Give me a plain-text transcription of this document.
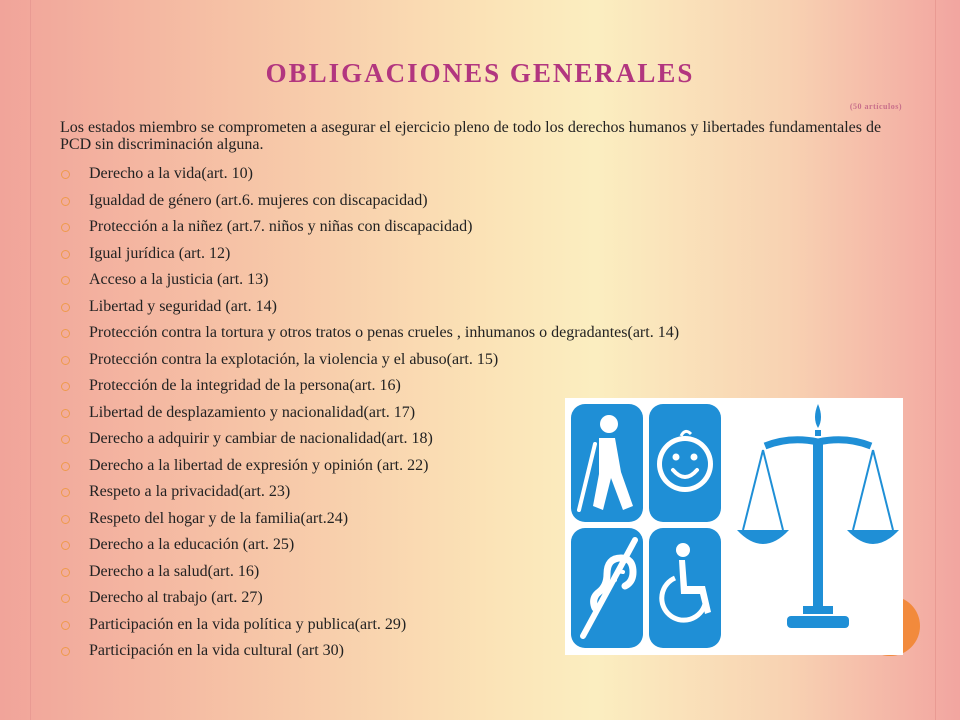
OBLIGACIONES GENERALES
(50 artículos)
Los estados miembro se comprometen a asegurar el ejercicio pleno de todo los derechos humanos y libertades fundamentales de PCD sin discriminación alguna.
Derecho a la vida(art. 10)
Igualdad de género (art.6. mujeres con discapacidad)
Protección a la niñez (art.7. niños y niñas con discapacidad)
Igual jurídica (art. 12)
Acceso a la justicia (art. 13)
Libertad y seguridad (art. 14)
Protección contra la tortura y otros tratos o penas crueles , inhumanos o degradantes(art. 14)
Protección contra la explotación, la violencia y el abuso(art. 15)
Protección de la integridad de la persona(art. 16)
Libertad de desplazamiento y nacionalidad(art. 17)
Derecho a adquirir y cambiar de nacionalidad(art. 18)
Derecho a la libertad de expresión y opinión (art. 22)
Respeto a la privacidad(art. 23)
Respeto del hogar y de la familia(art.24)
Derecho a la educación (art. 25)
Derecho a la salud(art. 16)
Derecho al trabajo (art. 27)
Participación en la vida política y publica(art. 29)
Participación en la vida cultural (art 30)
